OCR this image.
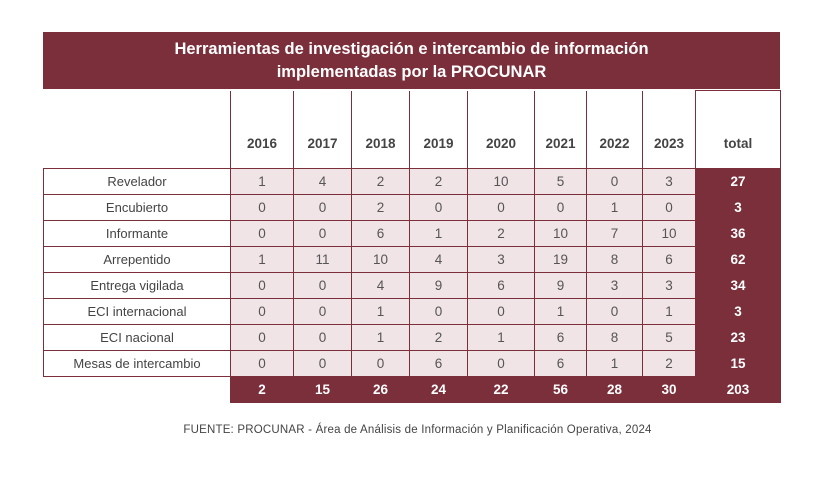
Herramientas de investigación e intercambio de información
implementadas por la PROCUNAR
	2016	2017	2018	2019	2020	2021	2022	2023	total
Revelador	1	4	2	2	10	5	0	3	27
Encubierto	0	0	2	0	0	0	1	0	3
Informante	0	0	6	1	2	10	7	10	36
Arrepentido	1	11	10	4	3	19	8	6	62
Entrega vigilada	0	0	4	9	6	9	3	3	34
ECI internacional	0	0	1	0	0	1	0	1	3
ECI nacional	0	0	1	2	1	6	8	5	23
Mesas de intercambio	0	0	0	6	0	6	1	2	15
	2	15	26	24	22	56	28	30	203
FUENTE: PROCUNAR - Área de Análisis de Información y Planificación Operativa, 2024
